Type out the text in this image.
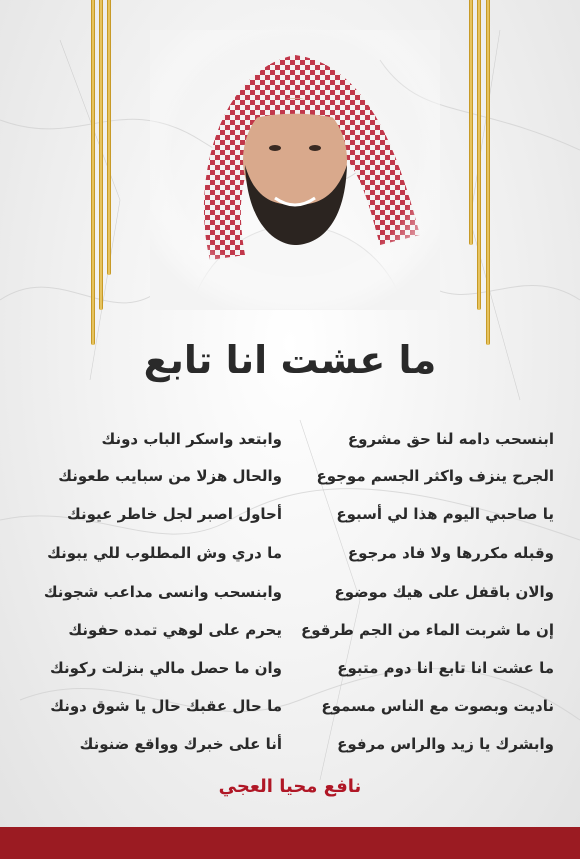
ما عشت انا تابع
ابنسحب دامه لنا حق مشروع
وابتعد واسكر الباب دونك
الجرح ينزف واكثر الجسم موجوع
والحال هزلا من سبايب طعونك
يا صاحبي اليوم هذا لي أسبوع
أحاول اصبر لجل خاطر عيونك
وقبله مكررها ولا فاد مرجوع
ما دري وش المطلوب للي يبونك
والان باقفل على هيك موضوع
وابنسحب وانسى مداعب شجونك
إن ما شربت الماء من الجم طرقوع
يحرم على لوهي تمده حفونك
ما عشت انا تابع انا دوم متبوع
وان ما حصل مالي بنزلت ركونك
ناديت وبصوت مع الناس مسموع
ما حال عقبك حال يا شوق دونك
وابشرك يا زيد والراس مرفوع
أنا على خبرك وواقع ضنونك
نافع محيا العجي
